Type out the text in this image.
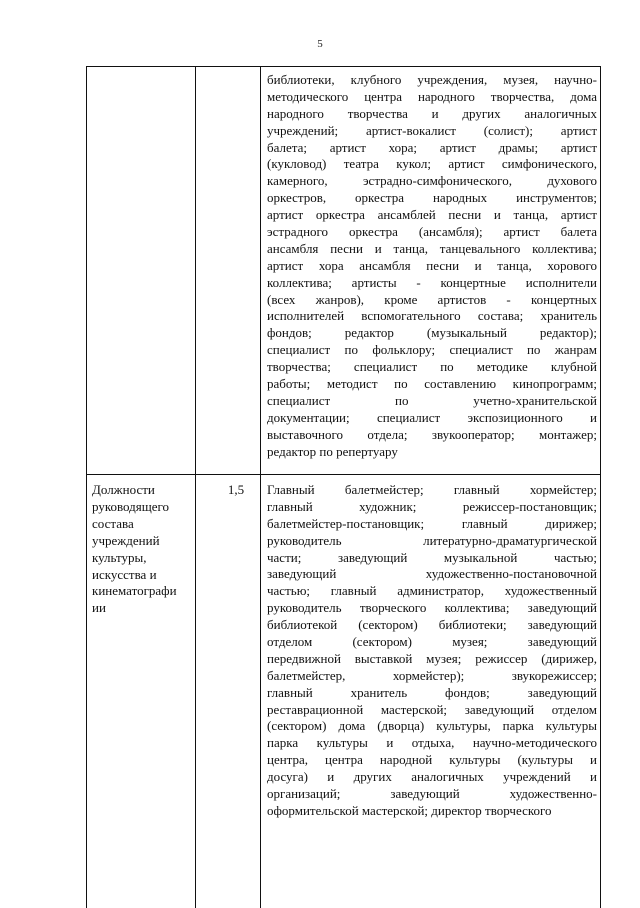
5
библиотеки, клубного учреждения, музея, научно-
методического центра народного творчества, дома
народного творчества и других аналогичных
учреждений; артист-вокалист (солист); артист
балета; артист хора; артист драмы; артист
(кукловод) театра кукол; артист симфонического,
камерного, эстрадно-симфонического, духового
оркестров, оркестра народных инструментов;
артист оркестра ансамблей песни и танца, артист
эстрадного оркестра (ансамбля); артист балета
ансамбля песни и танца, танцевального коллектива;
артист хора ансамбля песни и танца, хорового
коллектива; артисты - концертные исполнители
(всех жанров), кроме артистов - концертных
исполнителей вспомогательного состава; хранитель
фондов; редактор (музыкальный редактор);
специалист по фольклору; специалист по жанрам
творчества; специалист по методике клубной
работы; методист по составлению кинопрограмм;
специалист по учетно-хранительской
документации; специалист экспозиционного и
выставочного отдела; звукооператор; монтажер;
редактор по репертуару
Должности
руководящего
состава
учреждений
культуры,
искусства и
кинематографи
ии
1,5	Главный балетмейстер; главный хормейстер;
главный художник; режиссер-постановщик;
балетмейстер-постановщик; главный дирижер;
руководитель литературно-драматургической
части; заведующий музыкальной частью;
заведующий художественно-постановочной
частью; главный администратор, художественный
руководитель творческого коллектива; заведующий
библиотекой (сектором) библиотеки; заведующий
отделом (сектором) музея; заведующий
передвижной выставкой музея; режиссер (дирижер,
балетмейстер, хормейстер); звукорежиссер;
главный хранитель фондов; заведующий
реставрационной мастерской; заведующий отделом
(сектором) дома (дворца) культуры, парка культуры
парка культуры и отдыха, научно-методического
центра, центра народной культуры (культуры и
досуга) и других аналогичных учреждений и
организаций; заведующий художественно-
оформительской мастерской; директор творческого
